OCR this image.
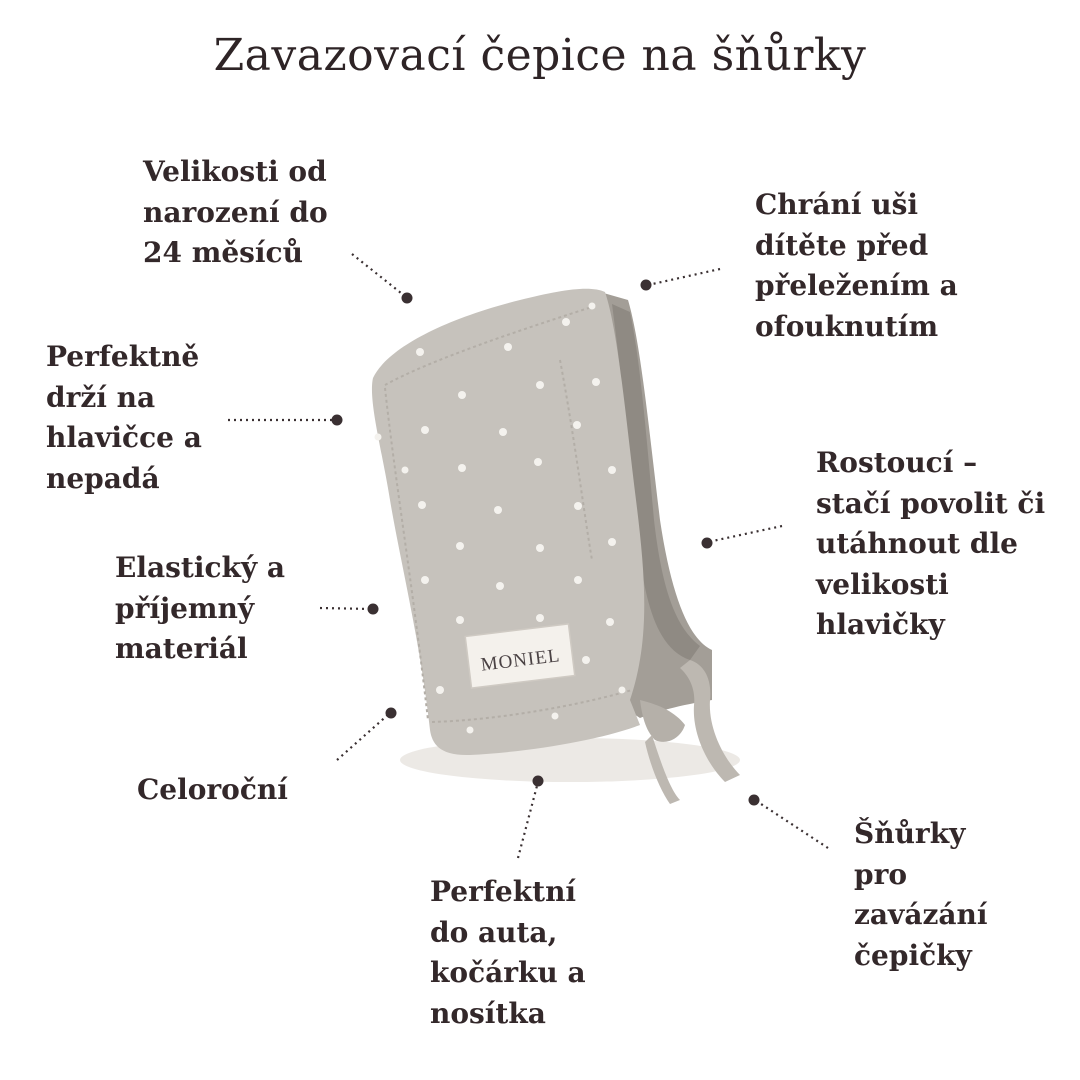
Zavazovací čepice na šňůrky

Velikosti od
narození do
24 měsíců

Chrání uši
dítěte před
přeležením a
ofouknutím

Perfektně
drží na
hlavičce a
nepadá	Rostoucí –
stačí povolit či
utáhnout dle
velikosti
hlavičky

Elastický a
příjemný
materiál

Celoroční

Šňůrky
pro
zavázání
čepičky

Perfektní
do auta,
kočárku a
nosítka

MONIEL
